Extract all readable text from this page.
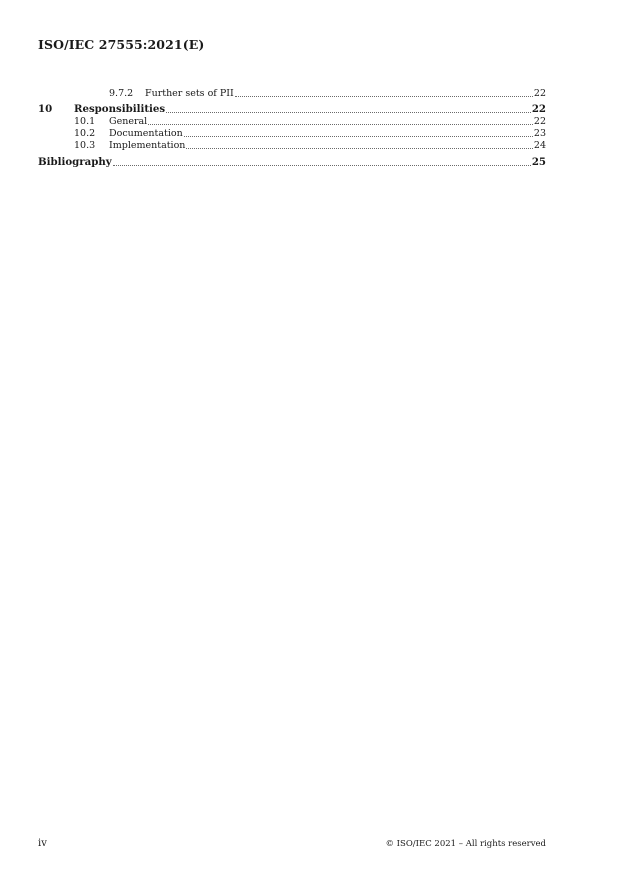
ISO/IEC 27555:2021(E)
9.7.2	Further sets of PII	22
10	Responsibilities	22
10.1	General	22
10.2	Documentation	23
10.3	Implementation	24
Bibliography	25
iv	© ISO/IEC 2021 – All rights reserved
